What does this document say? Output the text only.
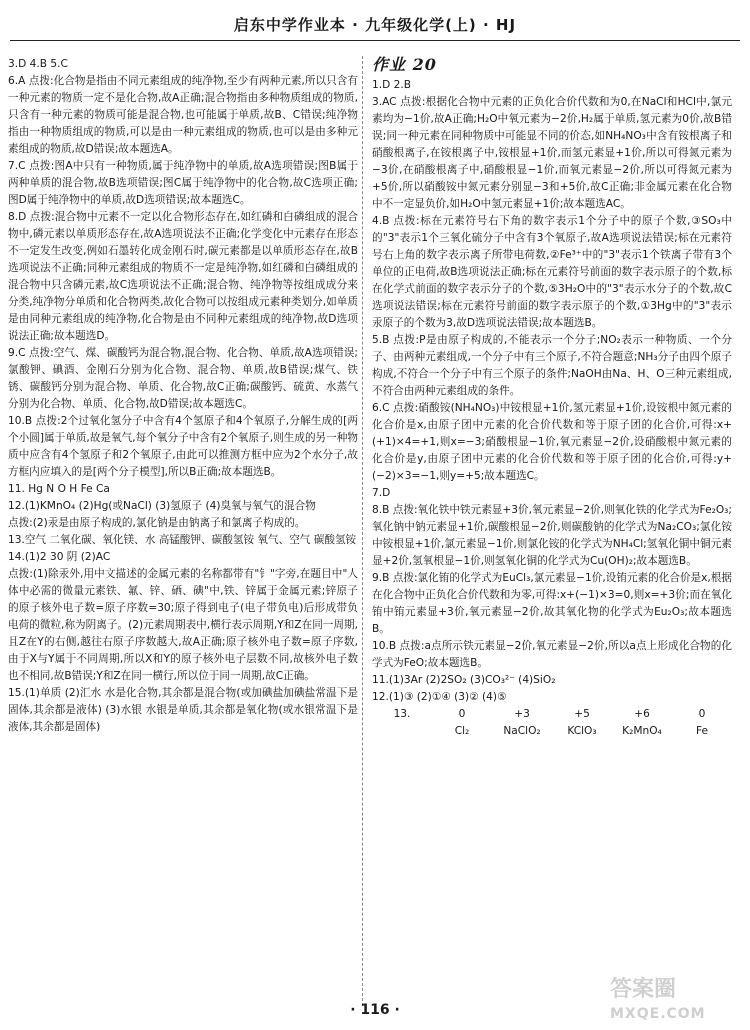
启东中学作业本 · 九年级化学(上) · HJ

3.D 4.B 5.C

6.A 点拨:化合物是指由不同元素组成的纯净物,至少有两种元素,所以只含有一种元素的物质一定不是化合物,故A正确;混合物指由多种物质组成的物质,只含有一种元素的物质可能是混合物,也可能属于单质,故B、C错误;纯净物指由一种物质组成的物质,可以是由一种元素组成的物质,也可以是由多种元素组成的物质,故D错误;故本题选A。

7.C 点拨:图A中只有一种物质,属于纯净物中的单质,故A选项错误;图B属于两种单质的混合物,故B选项错误;图C属于纯净物中的化合物,故C选项正确;图D属于纯净物中的单质,故D选项错误;故本题选C。

8.D 点拨:混合物中元素不一定以化合物形态存在,如红磷和白磷组成的混合物中,磷元素以单质形态存在,故A选项说法不正确;化学变化中元素存在形态不一定发生改变,例如石墨转化成金刚石时,碳元素都是以单质形态存在,故B选项说法不正确;同种元素组成的物质不一定是纯净物,如红磷和白磷组成的混合物中只含磷元素,故C选项说法不正确;混合物、纯净物等按组成成分来分类,纯净物分单质和化合物两类,故化合物可以按组成元素种类划分,如单质是由同种元素组成的纯净物,化合物是由不同种元素组成的纯净物,故D选项说法正确;故本题选D。

9.C 点拨:空气、煤、碳酸钙为混合物,混合物、化合物、单质,故A选项错误;氯酸钾、碘酒、金刚石分别为化合物、混合物、单质,故B错误;煤气、铁锈、碳酸钙分别为混合物、单质、化合物,故C正确;碳酸钙、硫黄、水蒸气分别为化合物、单质、化合物,故D错误;故本题选C。

10.B 点拨:2个过氧化氢分子中含有4个氢原子和4个氧原子,分解生成的[两个小圆]属于单质,故是氧气,每个氧分子中含有2个氧原子,则生成的另一种物质中应含有4个氢原子和2个氧原子,由此可以推测方框中应为2个水分子,故方框内应填入的是[两个分子模型],所以B正确;故本题选B。

11. Hg N O H Fe Ca

12.(1)KMnO₄ (2)Hg(或NaCl) (3)氢原子 (4)臭氧与氧气的混合物

点拨:(2)汞是由原子构成的,氯化钠是由钠离子和氯离子构成的。

13.空气 二氧化碳、氧化镁、水 高锰酸钾、碳酸氢铵 氧气、空气 碳酸氢铵

14.(1)2 30 阴 (2)AC

点拨:(1)除汞外,用中文描述的金属元素的名称都带有"钅"字旁,在题目中"人体中必需的微量元素铁、氟、锌、硒、碘"中,铁、锌属于金属元素;锌原子的原子核外电子数=原子序数=30;原子得到电子(电子带负电)后形成带负电荷的微粒,称为阴离子。(2)元素周期表中,横行表示周期,Y和Z在同一周期,且Z在Y的右侧,越往右原子序数越大,故A正确;原子核外电子数=原子序数,由于X与Y属于不同周期,所以X和Y的原子核外电子层数不同,故核外电子数也不相同,故B错误;Y和Z在同一横行,所以位于同一周期,故C正确。

15.(1)单质 (2)汇水 水是化合物,其余都是混合物(或加碘盐加碘盐常温下是固体,其余都是液体) (3)水银 水银是单质,其余都是氧化物(或水银常温下是液体,其余都是固体)

作业 20

1.D 2.B

3.AC 点拨:根据化合物中元素的正负化合价代数和为0,在NaCl和HCl中,氯元素均为−1价,故A正确;H₂O中氧元素为−2价,H₂属于单质,氢元素为0价,故B错误;同一种元素在同种物质中可能显不同的价态,如NH₄NO₃中含有铵根离子和硝酸根离子,在铵根离子中,铵根显+1价,而氢元素显+1价,所以可得氮元素为−3价,在硝酸根离子中,硝酸根显−1价,而氧元素显−2价,所以可得氮元素为+5价,所以硝酸铵中氮元素分别显−3和+5价,故C正确;非金属元素在化合物中不一定显负价,如H₂O中氢元素显+1价;故本题选AC。

4.B 点拨:标在元素符号右下角的数字表示1个分子中的原子个数,③SO₃中的"3"表示1个三氧化硫分子中含有3个氧原子,故A选项说法错误;标在元素符号右上角的数字表示离子所带电荷数,②Fe³⁺中的"3"表示1个铁离子带有3个单位的正电荷,故B选项说法正确;标在元素符号前面的数字表示原子的个数,标在化学式前面的数字表示分子的个数,⑤3H₂O中的"3"表示水分子的个数,故C选项说法错误;标在元素符号前面的数字表示原子的个数,①3Hg中的"3"表示汞原子的个数为3,故D选项说法错误;故本题选B。

5.B 点拨:P是由原子构成的,不能表示一个分子;NO₂表示一种物质、一个分子、由两种元素组成,一个分子中有三个原子,不符合题意;NH₃分子由四个原子构成,不符合一个分子中有三个原子的条件;NaOH由Na、H、O三种元素组成,不符合由两种元素组成的条件。

6.C 点拨:硝酸铵(NH₄NO₃)中铵根显+1价,氢元素显+1价,设铵根中氮元素的化合价是x,由原子团中元素的化合价代数和等于原子团的化合价,可得:x+(+1)×4=+1,则x=−3;硝酸根显−1价,氧元素显−2价,设硝酸根中氮元素的化合价是y,由原子团中元素的化合价代数和等于原子团的化合价,可得:y+(−2)×3=−1,则y=+5;故本题选C。

7.D

8.B 点拨:氧化铁中铁元素显+3价,氧元素显−2价,则氧化铁的化学式为Fe₂O₃;氧化钠中钠元素显+1价,碳酸根显−2价,则碳酸钠的化学式为Na₂CO₃;氯化铵中铵根显+1价,氯元素显−1价,则氯化铵的化学式为NH₄Cl;氢氧化铜中铜元素显+2价,氢氧根显−1价,则氢氧化铜的化学式为Cu(OH)₂;故本题选B。

9.B 点拨:氯化铕的化学式为EuCl₃,氯元素显−1价,设铕元素的化合价是x,根据在化合物中正负化合价代数和为零,可得:x+(−1)×3=0,则x=+3价;而在氧化铕中铕元素显+3价,氧元素显−2价,故其氧化物的化学式为Eu₂O₃;故本题选B。

10.B 点拨:a点所示铁元素显−2价,氧元素显−2价,所以a点上形成化合物的化学式为FeO;故本题选B。

11.(1)3Ar (2)2SO₂ (3)CO₃²⁻ (4)Si̇O₂

12.(1)③ (2)①④ (3)② (4)⑤

13.	0	+3	+5	+6	0
Cl₂	NaClO₂	KClO₃	K₂MnO₄	Fe
· 116 ·
答案圈
MXQE.COM
